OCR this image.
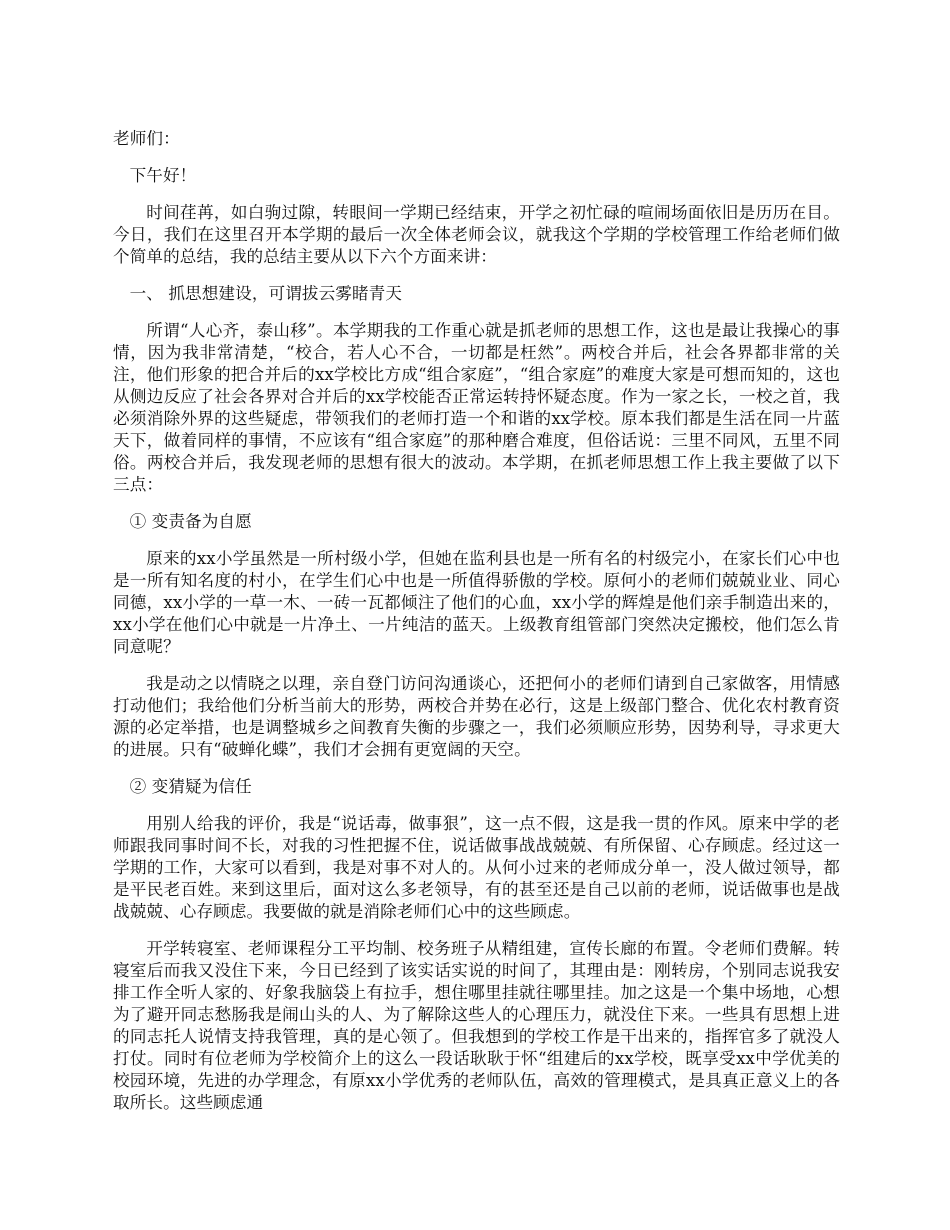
老师们：

下午好！

时间荏苒，如白驹过隙，转眼间一学期已经结束，开学之初忙碌的喧闹场面依旧是历历在目。今日，我们在这里召开本学期的最后一次全体老师会议，就我这个学期的学校管理工作给老师们做个简单的总结，我的总结主要从以下六个方面来讲：

一、 抓思想建设，可谓拔云雾睹青天

所谓“人心齐，泰山移”。本学期我的工作重心就是抓老师的思想工作，这也是最让我操心的事情，因为我非常清楚，“校合，若人心不合，一切都是枉然”。两校合并后，社会各界都非常的关注，他们形象的把合并后的xx学校比方成“组合家庭”，“组合家庭”的难度大家是可想而知的，这也从侧边反应了社会各界对合并后的xx学校能否正常运转持怀疑态度。作为一家之长，一校之首，我必须消除外界的这些疑虑，带领我们的老师打造一个和谐的xx学校。原本我们都是生活在同一片蓝天下，做着同样的事情，不应该有“组合家庭”的那种磨合难度，但俗话说：三里不同风，五里不同俗。两校合并后，我发现老师的思想有很大的波动。本学期，在抓老师思想工作上我主要做了以下三点：

① 变责备为自愿

原来的xx小学虽然是一所村级小学，但她在监利县也是一所有名的村级完小，在家长们心中也是一所有知名度的村小，在学生们心中也是一所值得骄傲的学校。原何小的老师们兢兢业业、同心同德，xx小学的一草一木、一砖一瓦都倾注了他们的心血，xx小学的辉煌是他们亲手制造出来的，xx小学在他们心中就是一片净土、一片纯洁的蓝天。上级教育组管部门突然决定搬校，他们怎么肯同意呢？

我是动之以情晓之以理，亲自登门访问沟通谈心，还把何小的老师们请到自己家做客，用情感打动他们；我给他们分析当前大的形势，两校合并势在必行，这是上级部门整合、优化农村教育资源的必定举措，也是调整城乡之间教育失衡的步骤之一，我们必须顺应形势，因势利导，寻求更大的进展。只有“破蝉化蝶”，我们才会拥有更宽阔的天空。

② 变猜疑为信任

用别人给我的评价，我是“说话毒，做事狠”，这一点不假，这是我一贯的作风。原来中学的老师跟我同事时间不长，对我的习性把握不住，说话做事战战兢兢、有所保留、心存顾虑。经过这一学期的工作，大家可以看到，我是对事不对人的。从何小过来的老师成分单一，没人做过领导，都是平民老百姓。来到这里后，面对这么多老领导，有的甚至还是自己以前的老师，说话做事也是战战兢兢、心存顾虑。我要做的就是消除老师们心中的这些顾虑。

开学转寝室、老师课程分工平均制、校务班子从精组建，宣传长廊的布置。令老师们费解。转寝室后而我又没住下来，今日已经到了该实话实说的时间了，其理由是：刚转房，个别同志说我安排工作全听人家的、好象我脑袋上有拉手，想住哪里挂就往哪里挂。加之这是一个集中场地，心想为了避开同志愁肠我是闹山头的人、为了解除这些人的心理压力，就没住下来。一些具有思想上进的同志托人说情支持我管理，真的是心领了。但我想到的学校工作是干出来的，指挥官多了就没人打仗。同时有位老师为学校简介上的这么一段话耿耿于怀“组建后的xx学校，既享受xx中学优美的校园环境，先进的办学理念，有原xx小学优秀的老师队伍，高效的管理模式，是具真正意义上的各取所长。这些顾虑通
